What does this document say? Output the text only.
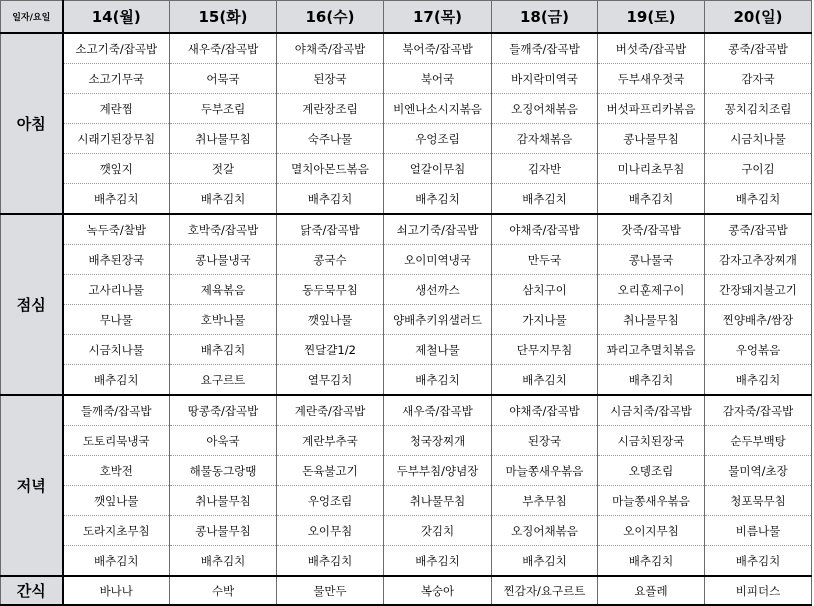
일자/요일	14(월)	15(화)	16(수)	17(목)	18(금)	19(토)	20(일)
아침	소고기죽/잡곡밥	새우죽/잡곡밥	야채죽/잡곡밥	북어죽/잡곡밥	들깨죽/잡곡밥	버섯죽/잡곡밥	콩죽/잡곡밥
	소고기무국	어묵국	된장국	북어국	바지락미역국	두부새우젓국	감자국
	계란찜	두부조림	계란장조림	비엔나소시지볶음	오징어채볶음	버섯파프리카볶음	꽁치김치조림
	시래기된장무침	취나물무침	숙주나물	우엉조림	감자채볶음	콩나물무침	시금치나물
	깻잎지	젓갈	멸치아몬드볶음	얼갈이무침	김자반	미나리초무침	구이김
	배추김치	배추김치	배추김치	배추김치	배추김치	배추김치	배추김치
점심	녹두죽/찰밥	호박죽/잡곡밥	닭죽/잡곡밥	쇠고기죽/잡곡밥	야채죽/잡곡밥	잣죽/잡곡밥	콩죽/잡곡밥
	배추된장국	콩나물냉국	콩국수	오이미역냉국	만두국	콩나물국	감자고추장찌개
	고사리나물	제육볶음	동두묵무침	생선까스	삼치구이	오리훈제구이	간장돼지불고기
	무나물	호박나물	깻잎나물	양배추키위샐러드	가지나물	취나물무침	찐양배추/쌈장
	시금치나물	배추김치	찐달걀1/2	제철나물	단무지무침	꽈리고추멸치볶음	우엉볶음
	배추김치	요구르트	열무김치	배추김치	배추김치	배추김치	배추김치
저녁	들깨죽/잡곡밥	땅콩죽/잡곡밥	계란죽/잡곡밥	새우죽/잡곡밥	야채죽/잡곡밥	시금치죽/잡곡밥	감자죽/잡곡밥
	도토리묵냉국	아욱국	계란부추국	청국장찌개	된장국	시금치된장국	순두부백탕
	호박전	해물동그랑땡	돈육불고기	두부부침/양념장	마늘쫑새우볶음	오뎅조림	물미역/초장
	깻잎나물	취나물무침	우엉조림	취나물무침	부추무침	마늘쫑새우볶음	청포묵무침
	도라지초무침	콩나물무침	오이무침	갓김치	오징어채볶음	오이지무침	비름나물
	배추김치	배추김치	배추김치	배추김치	배추김치	배추김치	배추김치
간식	바나나	수박	물만두	복숭아	찐감자/요구르트	요플레	비피더스
